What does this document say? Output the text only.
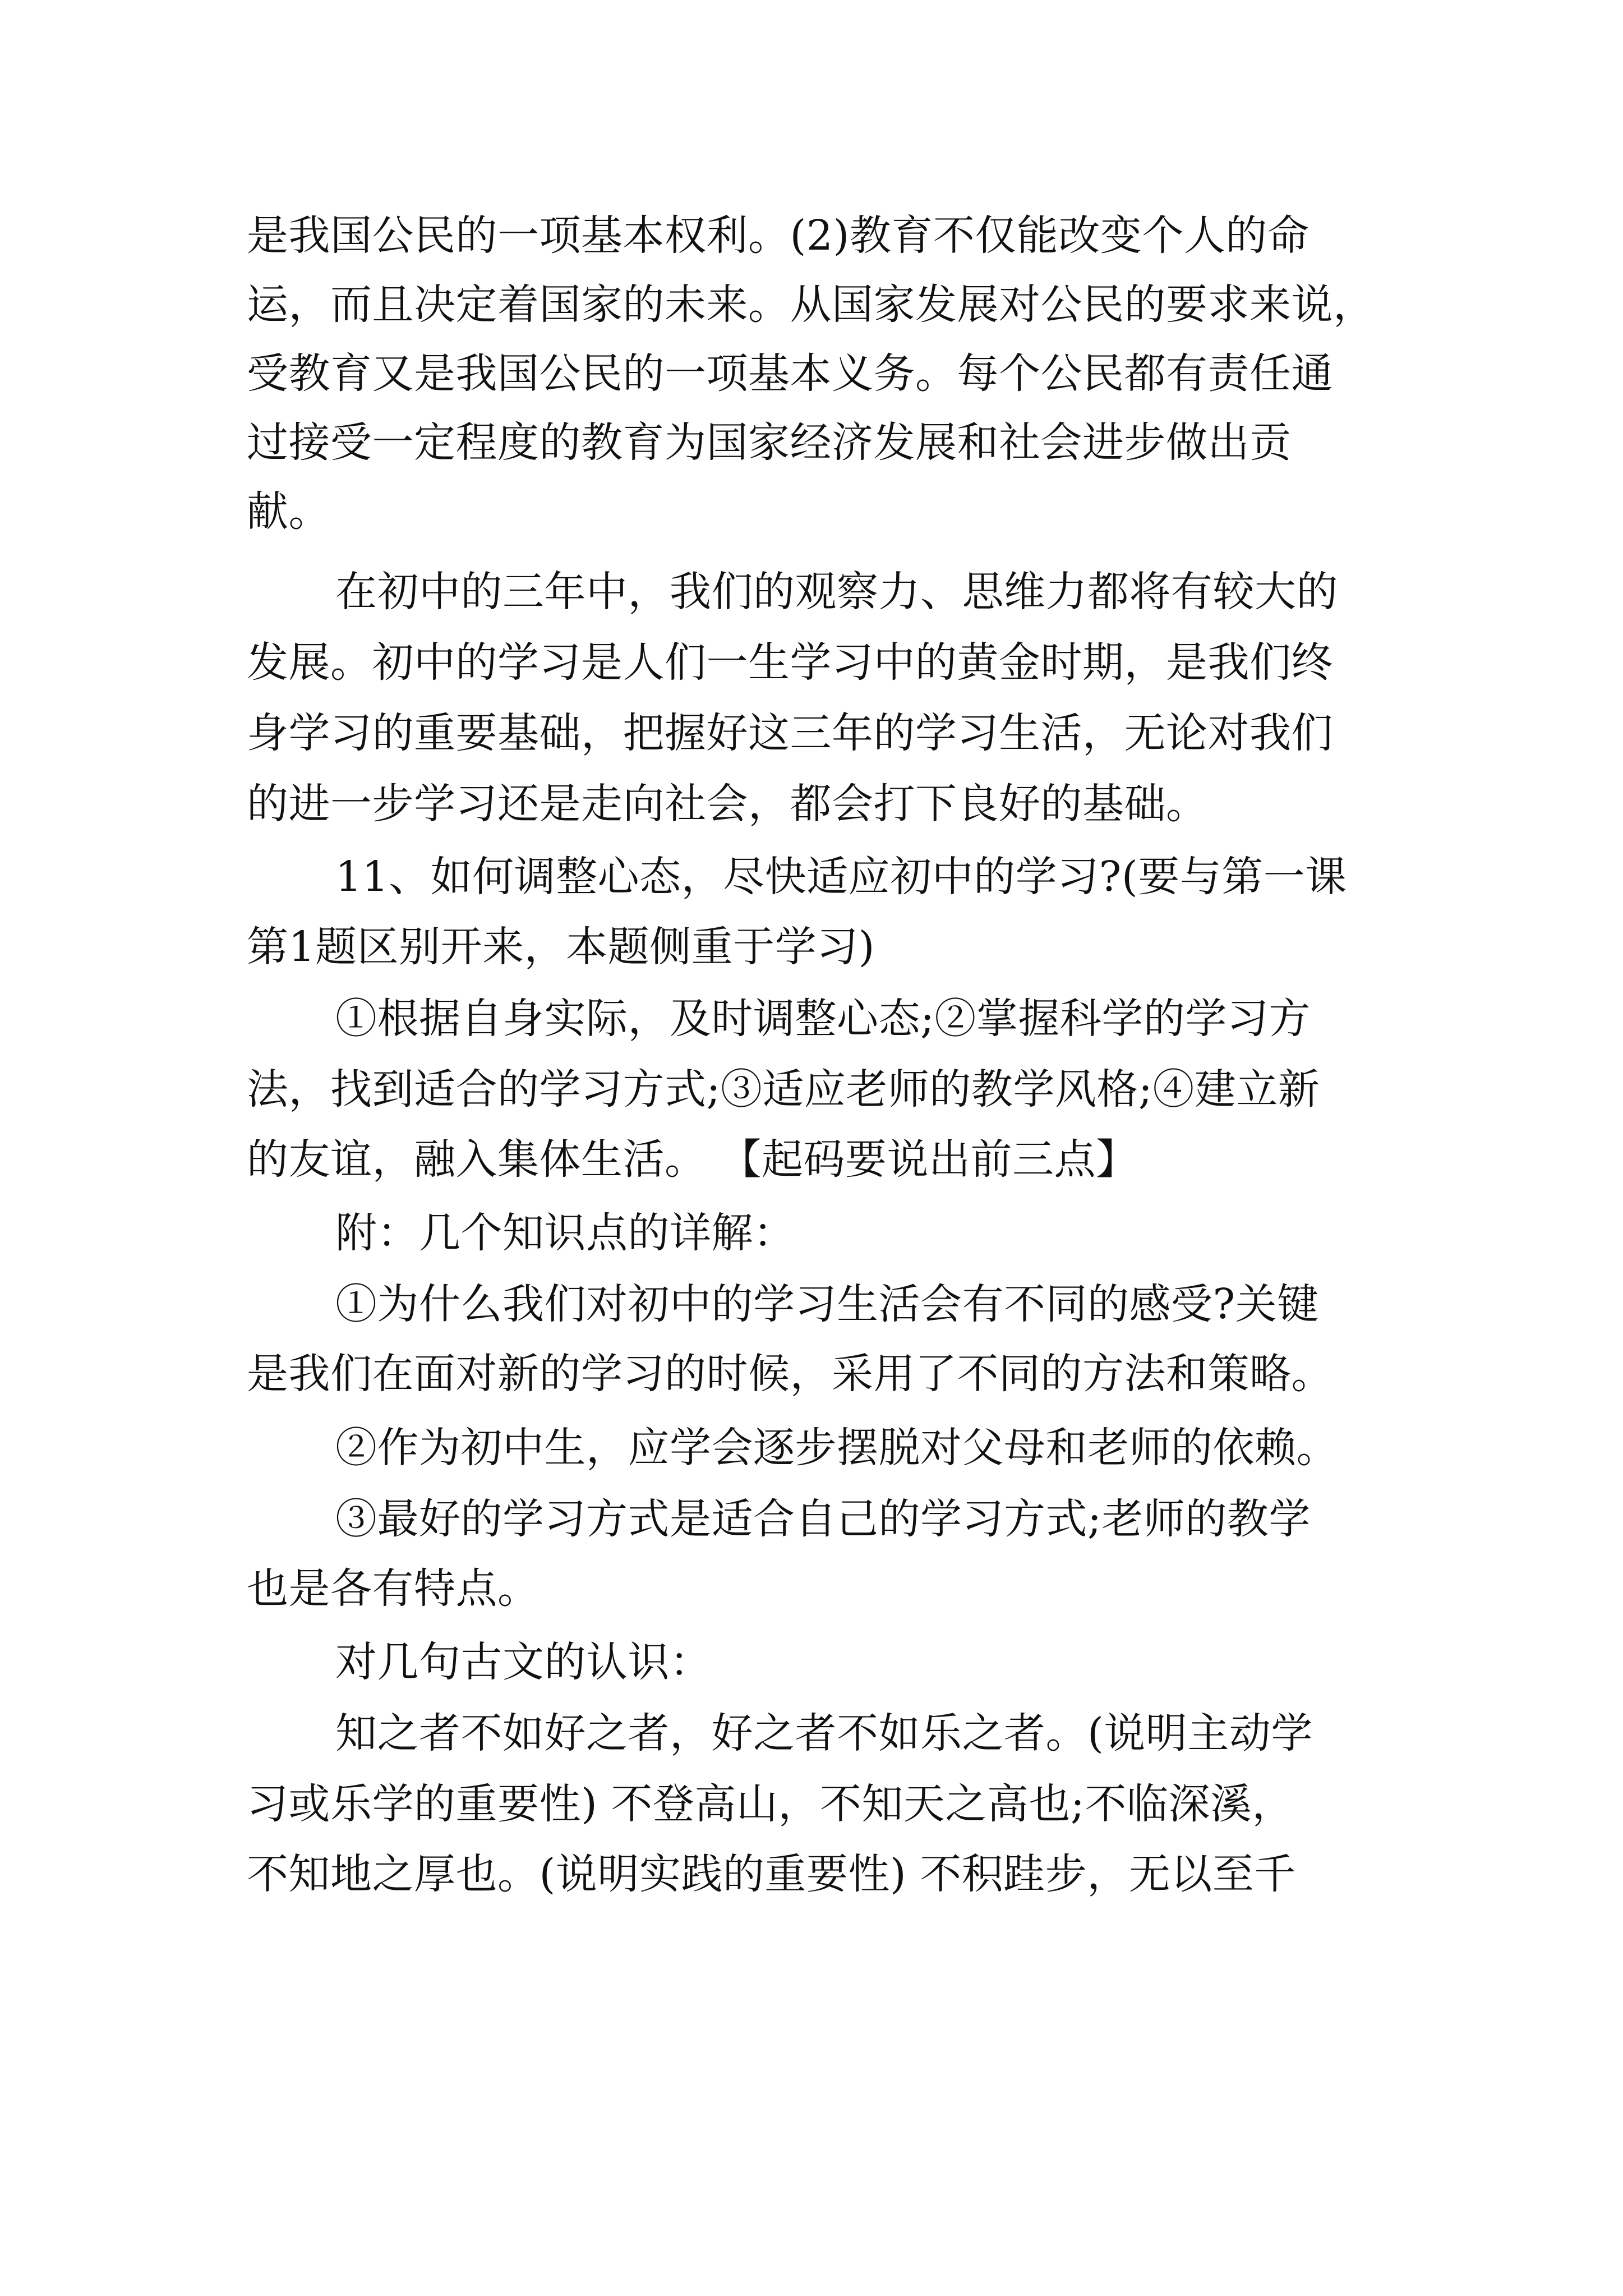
是我国公民的一项基本权利。(2)教育不仅能改变个人的命
运，而且决定着国家的未来。从国家发展对公民的要求来说，
受教育又是我国公民的一项基本义务。每个公民都有责任通
过接受一定程度的教育为国家经济发展和社会进步做出贡
献。
在初中的三年中，我们的观察力、思维力都将有较大的
发展。初中的学习是人们一生学习中的黄金时期，是我们终
身学习的重要基础，把握好这三年的学习生活，无论对我们
的进一步学习还是走向社会，都会打下良好的基础。
11、如何调整心态，尽快适应初中的学习?(要与第一课
第1题区别开来，本题侧重于学习)
①根据自身实际，及时调整心态;②掌握科学的学习方
法，找到适合的学习方式;③适应老师的教学风格;④建立新
的友谊，融入集体生活。 【起码要说出前三点】
附：几个知识点的详解：
①为什么我们对初中的学习生活会有不同的感受?关键
是我们在面对新的学习的时候，采用了不同的方法和策略。
②作为初中生，应学会逐步摆脱对父母和老师的依赖。
③最好的学习方式是适合自己的学习方式;老师的教学
也是各有特点。
对几句古文的认识：
知之者不如好之者，好之者不如乐之者。(说明主动学
习或乐学的重要性) 不登高山，不知天之高也;不临深溪，
不知地之厚也。(说明实践的重要性) 不积跬步，无以至千
